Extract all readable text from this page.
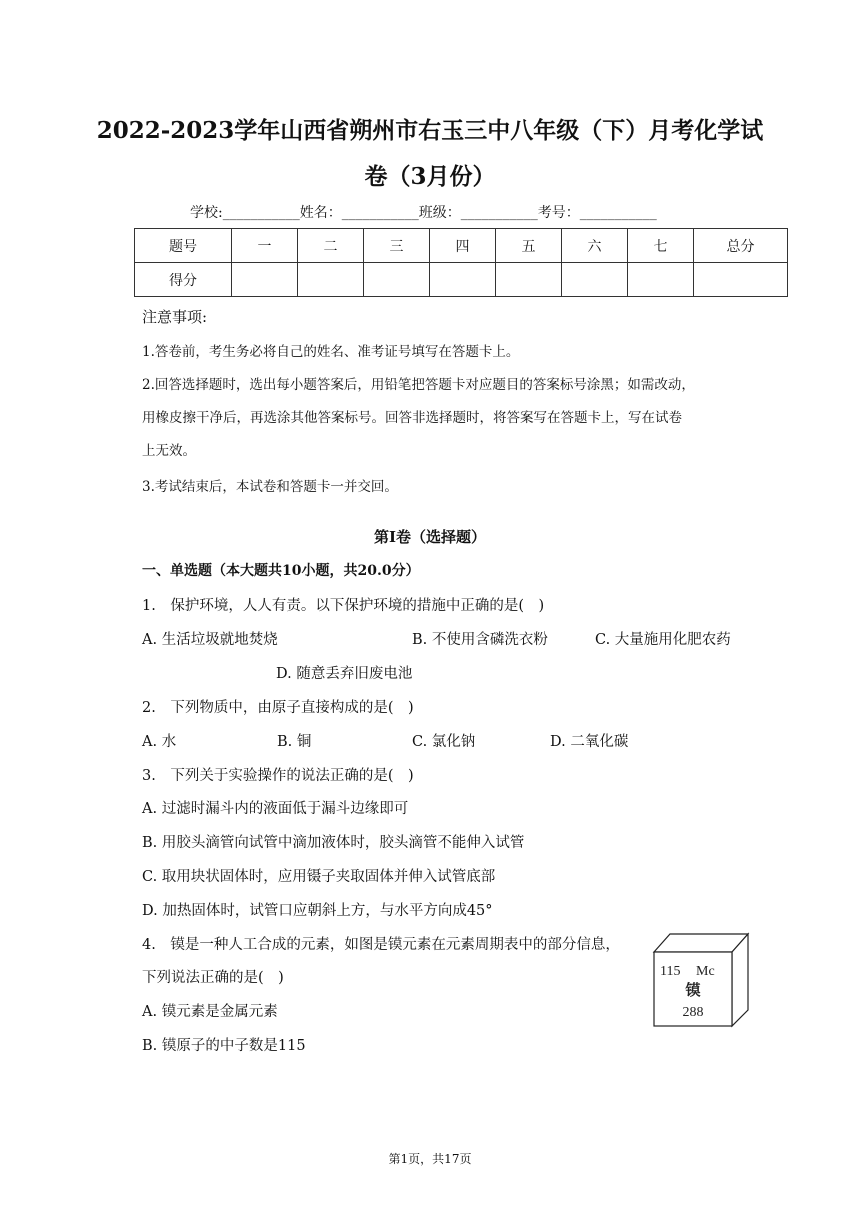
2022-2023学年山西省朔州市右玉三中八年级（下）月考化学试
卷（3月份）
学校:___________姓名：___________班级：___________考号：___________
题号	一	二	三	四	五	六	七	总分
得分								
注意事项:
1.答卷前，考生务必将自己的姓名、准考证号填写在答题卡上。
2.回答选择题时，选出每小题答案后，用铅笔把答题卡对应题目的答案标号涂黑；如需改动，
用橡皮擦干净后，再选涂其他答案标号。回答非选择题时，将答案写在答题卡上，写在试卷
上无效。
3.考试结束后，本试卷和答题卡一并交回。
第I卷（选择题）
一、单选题（本大题共10小题，共20.0分）
1.　保护环境，人人有责。以下保护环境的措施中正确的是(　)
A. 生活垃圾就地焚烧	B. 不使用含磷洗衣粉	C. 大量施用化肥农药
D. 随意丢弃旧废电池
2.　下列物质中，由原子直接构成的是(　)
A. 水	B. 铜	C. 氯化钠	D. 二氧化碳
3.　下列关于实验操作的说法正确的是(　)
A. 过滤时漏斗内的液面低于漏斗边缘即可
B. 用胶头滴管向试管中滴加液体时，胶头滴管不能伸入试管
C. 取用块状固体时，应用镊子夹取固体并伸入试管底部
D. 加热固体时，试管口应朝斜上方，与水平方向成45°
4.　镆是一种人工合成的元素，如图是镆元素在元素周期表中的部分信息，
下列说法正确的是(　)
A. 镆元素是金属元素
B. 镆原子的中子数是115
115 Mc
镆
288
第1页，共17页
